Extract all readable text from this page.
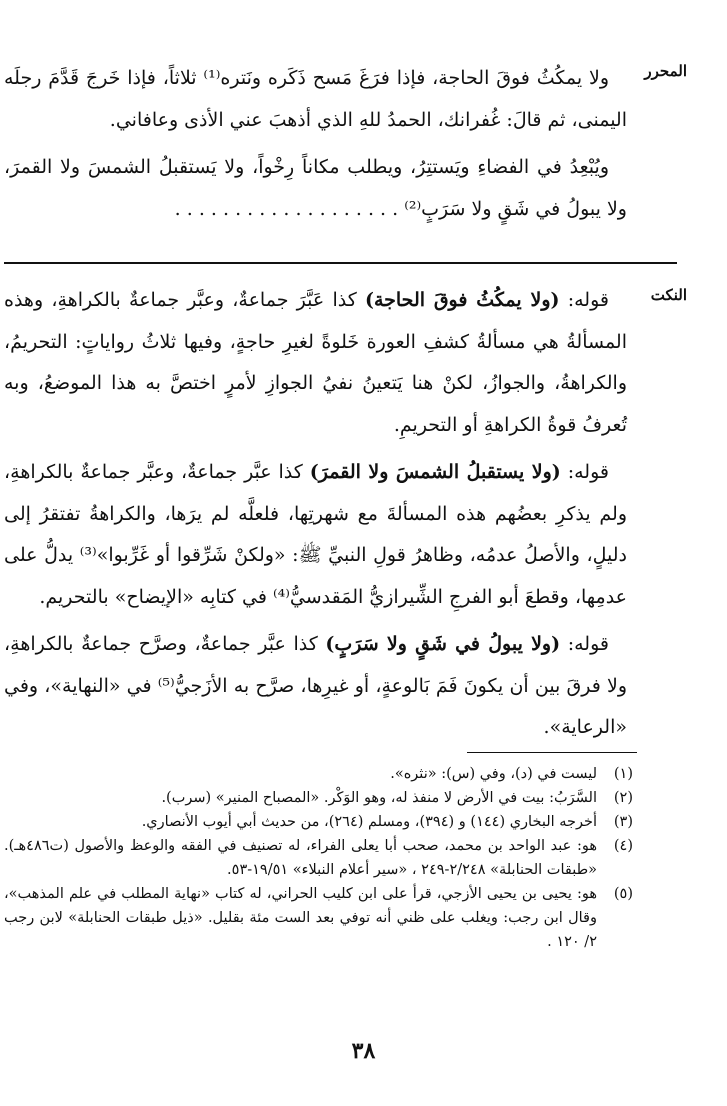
المحرر

ولا يمكُثُ فوقَ الحاجة، فإذا فرَغَ مَسح ذَكَره ونَتره⁽¹⁾ ثلاثاً، فإذا خَرجَ قَدَّمَ رجلَه اليمنى، ثم قالَ: غُفرانك، الحمدُ للهِ الذي أذهبَ عني الأذى وعافاني.

ويُبْعِدُ في الفضاءِ ويَستتِرُ، ويطلب مكاناً رِخْواً، ولا يَستقبلُ الشمسَ ولا القمرَ، ولا يبولُ في شَقٍ ولا سَرَبٍ⁽²⁾ . . . . . . . . . . . . . . . . . . .

النكت

قوله: (ولا يمكُثُ فوقَ الحاجة) كذا عَبَّرَ جماعةٌ، وعبَّر جماعةٌ بالكراهةِ، وهذه المسألةُ هي مسألةُ كشفِ العورة خَلوةً لغيرِ حاجةٍ، وفيها ثلاثُ رواياتٍ: التحريمُ، والكراهةُ، والجوازُ، لكنْ هنا يَتعينُ نفيُ الجوازِ لأمرٍ اختصَّ به هذا الموضعُ، وبه تُعرفُ قوةُ الكراهةِ أو التحريمِ.

قوله: (ولا يستقبلُ الشمسَ ولا القمرَ) كذا عبَّر جماعةٌ، وعبَّر جماعةٌ بالكراهةِ، ولم يذكرِ بعضُهم هذه المسألةَ مع شهرتِها، فلعلَّه لم يرَها، والكراهةُ تفتقرُ إلى دليلٍ، والأصلُ عدمُه، وظاهرُ قولِ النبيِّ ﷺ: «ولكنْ شَرِّقوا أو غَرِّبوا»⁽³⁾ يدلُّ على عدمِها، وقطعَ أبو الفرجِ الشِّيرازيُّ المَقدسيُّ⁽⁴⁾ في كتابِه «الإيضاح» بالتحريم.

قوله: (ولا يبولُ في شَقٍ ولا سَرَبٍ) كذا عبَّر جماعةٌ، وصرَّح جماعةٌ بالكراهةِ، ولا فرقَ بين أن يكونَ فَمَ بَالوعةٍ، أو غيرِها، صرَّح به الأزَجيُّ⁽⁵⁾ في «النهاية»، وفي «الرعاية».

(١)
ليست في (د)، وفي (س): «نثره».
(٢)
السَّرَبُ: بيت في الأرض لا منفذ له، وهو الوَكْر. «المصباح المنير» (سرب).
(٣)
أخرجه البخاري (١٤٤) و (٣٩٤)، ومسلم (٢٦٤)، من حديث أبي أيوب الأنصاري.
(٤)
هو: عبد الواحد بن محمد، صحب أبا يعلى الفراء، له تصنيف في الفقه والوعظ والأصول (ت٤٨٦هـ). «طبقات الحنابلة» ٢/٢٤٨-٢٤٩ ، «سير أعلام النبلاء» ١٩/٥١-٥٣.
(٥)
هو: يحيى بن يحيى الأزجي، قرأ على ابن كليب الحراني، له كتاب «نهاية المطلب في علم المذهب»، وقال ابن رجب: ويغلب على ظني أنه توفي بعد الست مئة بقليل. «ذيل طبقات الحنابلة» لابن رجب ٢/ ١٢٠ .
٣٨
